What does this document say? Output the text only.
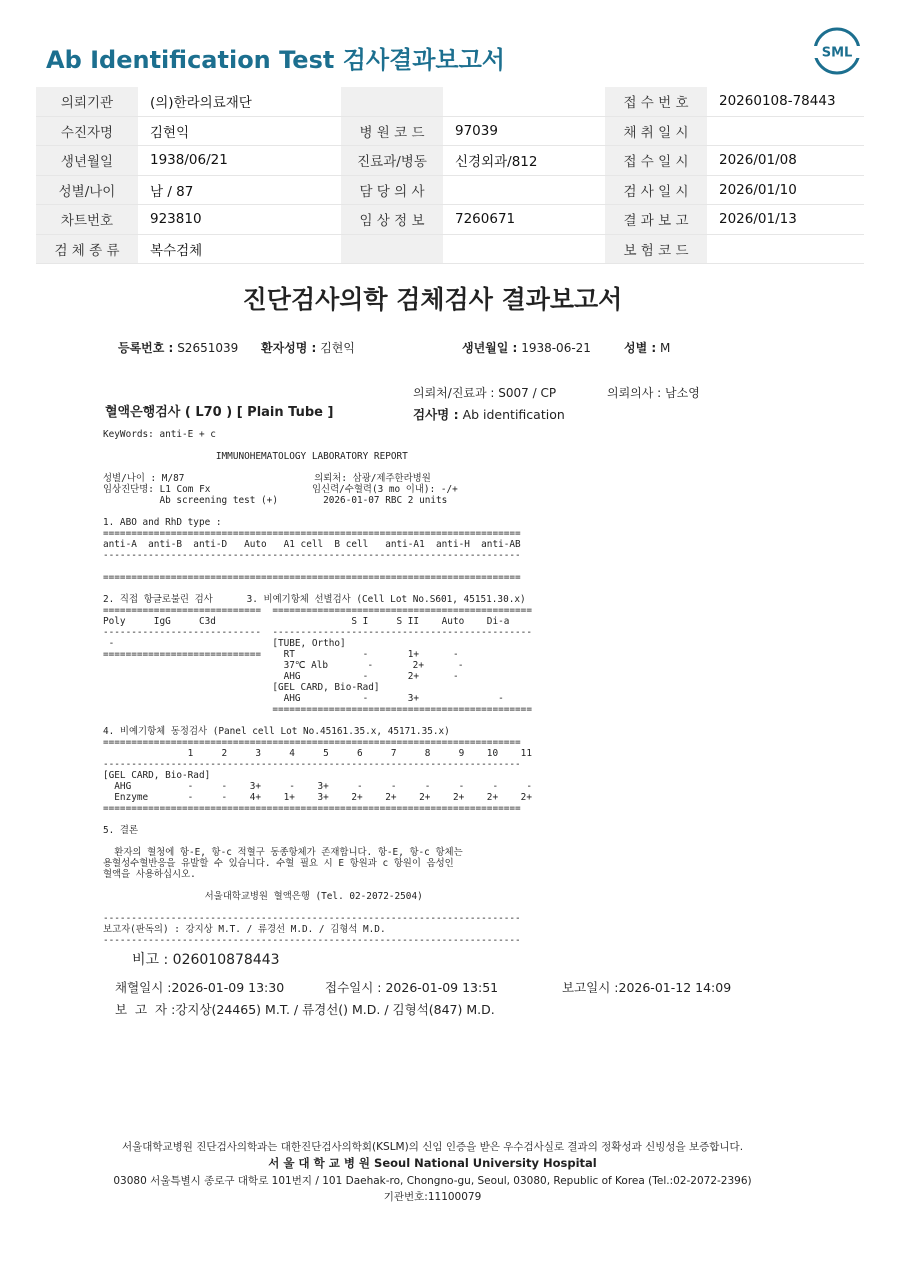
Ab Identification Test 검사결과보고서	SML
의뢰기관	(의)한라의료재단			접 수 번 호	20260108-78443
수진자명	김현익	병 원 코 드	97039	채 취 일 시	
생년월일	1938/06/21	진료과/병동	신경외과/812	접 수 일 시	2026/01/08
성별/나이	남 / 87	담 당 의 사		검 사 일 시	2026/01/10
차트번호	923810	임 상 정 보	7260671	결 과 보 고	2026/01/13
검 체 종 류	복수검체			보 험 코 드	
진단검사의학 검체검사 결과보고서
등록번호 : S2651039 환자성명 : 김현익	생년월일 : 1938-06-21	성별 : M
의뢰처/진료과 : S007 / CP	의뢰의사 : 남소영
혈액은행검사 ( L70 ) [ Plain Tube ]	검사명 : Ab identification
KeyWords: anti-E + c
IMMUNOHEMATOLOGY LABORATORY REPORT
성별/나이 : M/87                       의뢰처: 삼광/제주한라병원
임상진단명: L1 Com Fx                  임신력/수혈력(3 mo 이내): -/+
Ab screening test (+)        2026-01-07 RBC 2 units
1. ABO and RhD type :
==========================================================================
anti-A  anti-B  anti-D   Auto   A1 cell  B cell   anti-A1  anti-H  anti-AB
--------------------------------------------------------------------------
==========================================================================
2. 직접 항글로불린 검사      3. 비예기항체 선별검사 (Cell Lot No.S601, 45151.30.x)
============================  ==============================================
Poly     IgG     C3d                        S I     S II    Auto    Di-a
----------------------------  ----------------------------------------------
-                            [TUBE, Ortho]
============================    RT            -       1+      -
37℃ Alb       -       2+      -
AHG           -       2+      -
[GEL CARD, Bio-Rad]
AHG           -       3+              -
==============================================
4. 비예기항체 동정검사 (Panel cell Lot No.45161.35.x, 45171.35.x)
==========================================================================
1     2     3     4     5     6     7     8     9    10    11
--------------------------------------------------------------------------
[GEL CARD, Bio-Rad]
AHG          -     -    3+     -    3+     -     -     -     -     -     -
Enzyme       -     -    4+    1+    3+    2+    2+    2+    2+    2+    2+
==========================================================================
5. 결론
환자의 혈청에 항-E, 항-c 적혈구 동종항체가 존재합니다. 항-E, 항-c 항체는
용혈성수혈반응을 유발할 수 있습니다. 수혈 필요 시 E 항원과 c 항원이 음성인
혈액을 사용하십시오.
서울대학교병원 혈액은행 (Tel. 02-2072-2504)
--------------------------------------------------------------------------
보고자(판독의) : 강지상 M.T. / 류경선 M.D. / 김형석 M.D.
--------------------------------------------------------------------------
비고 : 026010878443
채혈일시 :2026-01-09 13:30	접수일시 : 2026-01-09 13:51	보고일시 :2026-01-12 14:09
보  고  자 :강지상(24465) M.T. / 류경선() M.D. / 김형석(847) M.D.
서울대학교병원 진단검사의학과는 대한진단검사의학회(KSLM)의 신임 인증을 받은 우수검사실로 결과의 정확성과 신빙성을 보증합니다.
서 울 대 학 교 병 원 Seoul National University Hospital
03080 서울특별시 종로구 대학로 101번지 / 101 Daehak-ro, Chongno-gu, Seoul, 03080, Republic of Korea (Tel.:02-2072-2396)
기관번호:11100079
